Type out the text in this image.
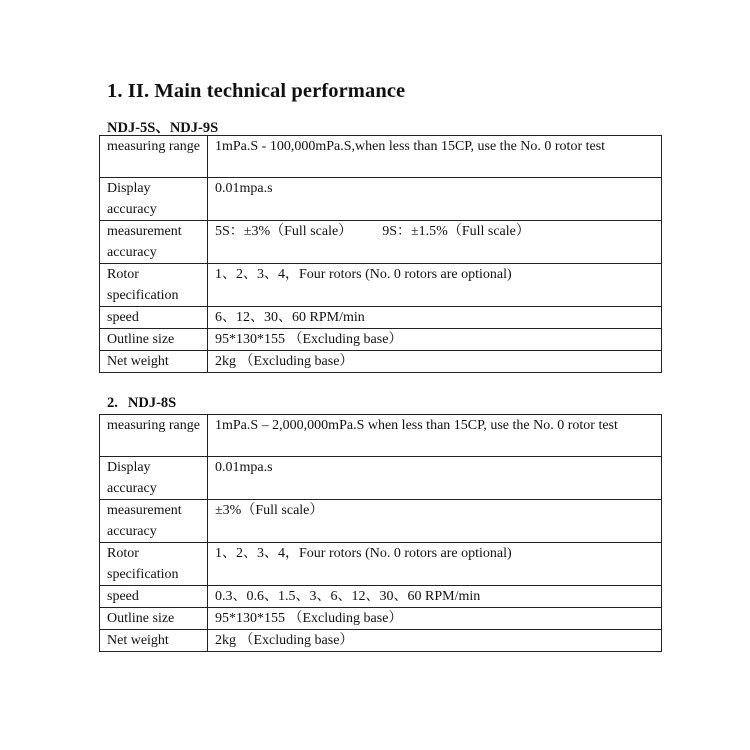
1. II. Main technical performance
NDJ-5S、NDJ-9S
measuring range	1mPa.S - 100,000mPa.S,when less than 15CP, use the No. 0 rotor test
Display accuracy	0.01mpa.s
measurement accuracy	5S：±3%（Full scale） 9S：±1.5%（Full scale）
Rotor specification	1、2、3、4，Four rotors (No. 0 rotors are optional)
speed	6、12、30、60 RPM/min
Outline size	95*130*155 （Excluding base）
Net weight	2kg （Excluding base）
2. NDJ-8S
measuring range	1mPa.S – 2,000,000mPa.S when less than 15CP, use the No. 0 rotor test
Display accuracy	0.01mpa.s
measurement accuracy	±3%（Full scale）
Rotor specification	1、2、3、4，Four rotors (No. 0 rotors are optional)
speed	0.3、0.6、1.5、3、6、12、30、60 RPM/min
Outline size	95*130*155 （Excluding base）
Net weight	2kg （Excluding base）
